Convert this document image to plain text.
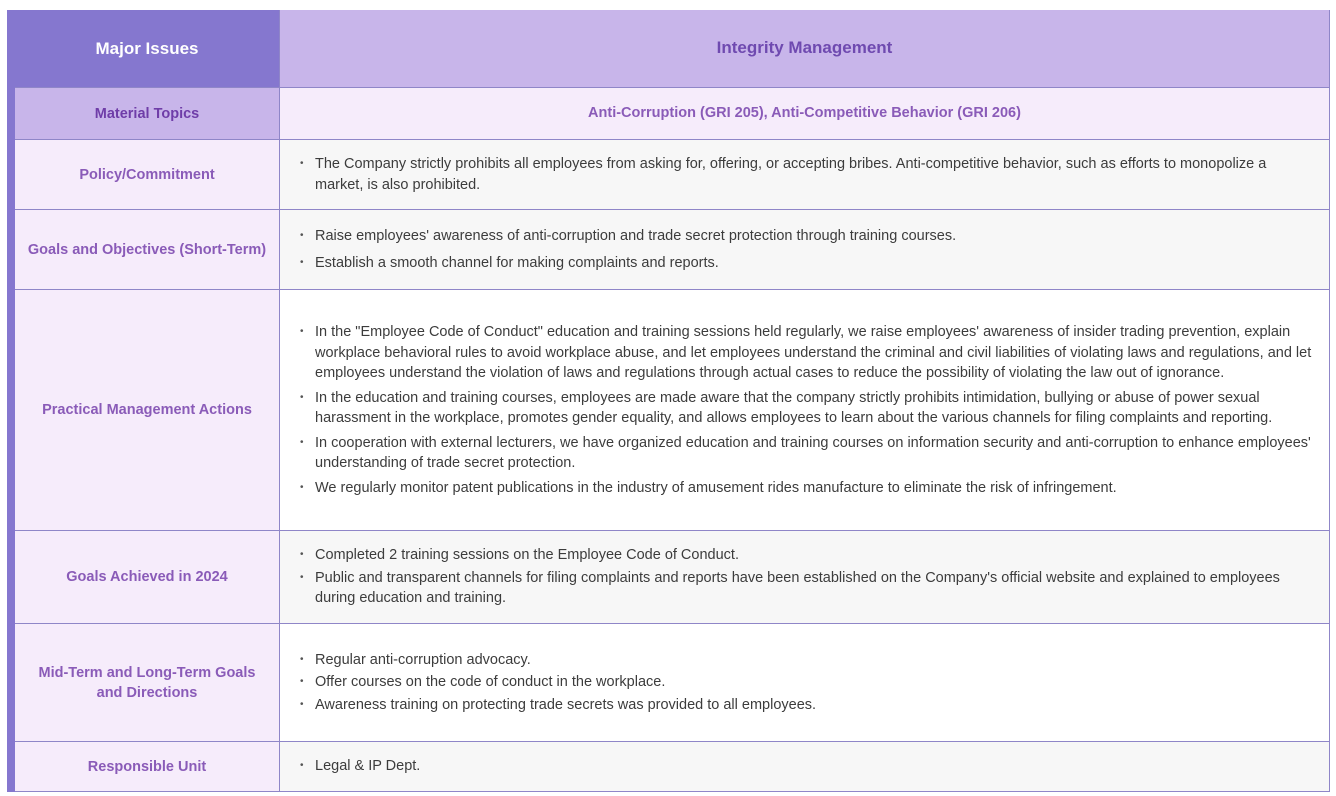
Major Issues	Integrity Management
Material Topics	Anti-Corruption (GRI 205), Anti-Competitive Behavior (GRI 206)
Policy/Commitment
• The Company strictly prohibits all employees from asking for, offering, or accepting bribes. Anti-competitive behavior, such as efforts to monopolize a market, is also prohibited.
Goals and Objectives (Short-Term)
• Raise employees' awareness of anti-corruption and trade secret protection through training courses.
• Establish a smooth channel for making complaints and reports.
Practical Management Actions
• In the "Employee Code of Conduct" education and training sessions held regularly, we raise employees' awareness of insider trading prevention, explain workplace behavioral rules to avoid workplace abuse, and let employees understand the criminal and civil liabilities of violating laws and regulations, and let employees understand the violation of laws and regulations through actual cases to reduce the possibility of violating the law out of ignorance.
• In the education and training courses, employees are made aware that the company strictly prohibits intimidation, bullying or abuse of power sexual harassment in the workplace, promotes gender equality, and allows employees to learn about the various channels for filing complaints and reporting.
• In cooperation with external lecturers, we have organized education and training courses on information security and anti-corruption to enhance employees' understanding of trade secret protection.
• We regularly monitor patent publications in the industry of amusement rides manufacture to eliminate the risk of infringement.
Goals Achieved in 2024
• Completed 2 training sessions on the Employee Code of Conduct.
• Public and transparent channels for filing complaints and reports have been established on the Company's official website and explained to employees during education and training.
Mid-Term and Long-Term Goals and Directions
• Regular anti-corruption advocacy.
• Offer courses on the code of conduct in the workplace.
• Awareness training on protecting trade secrets was provided to all employees.
Responsible Unit
•	Legal & IP Dept.
